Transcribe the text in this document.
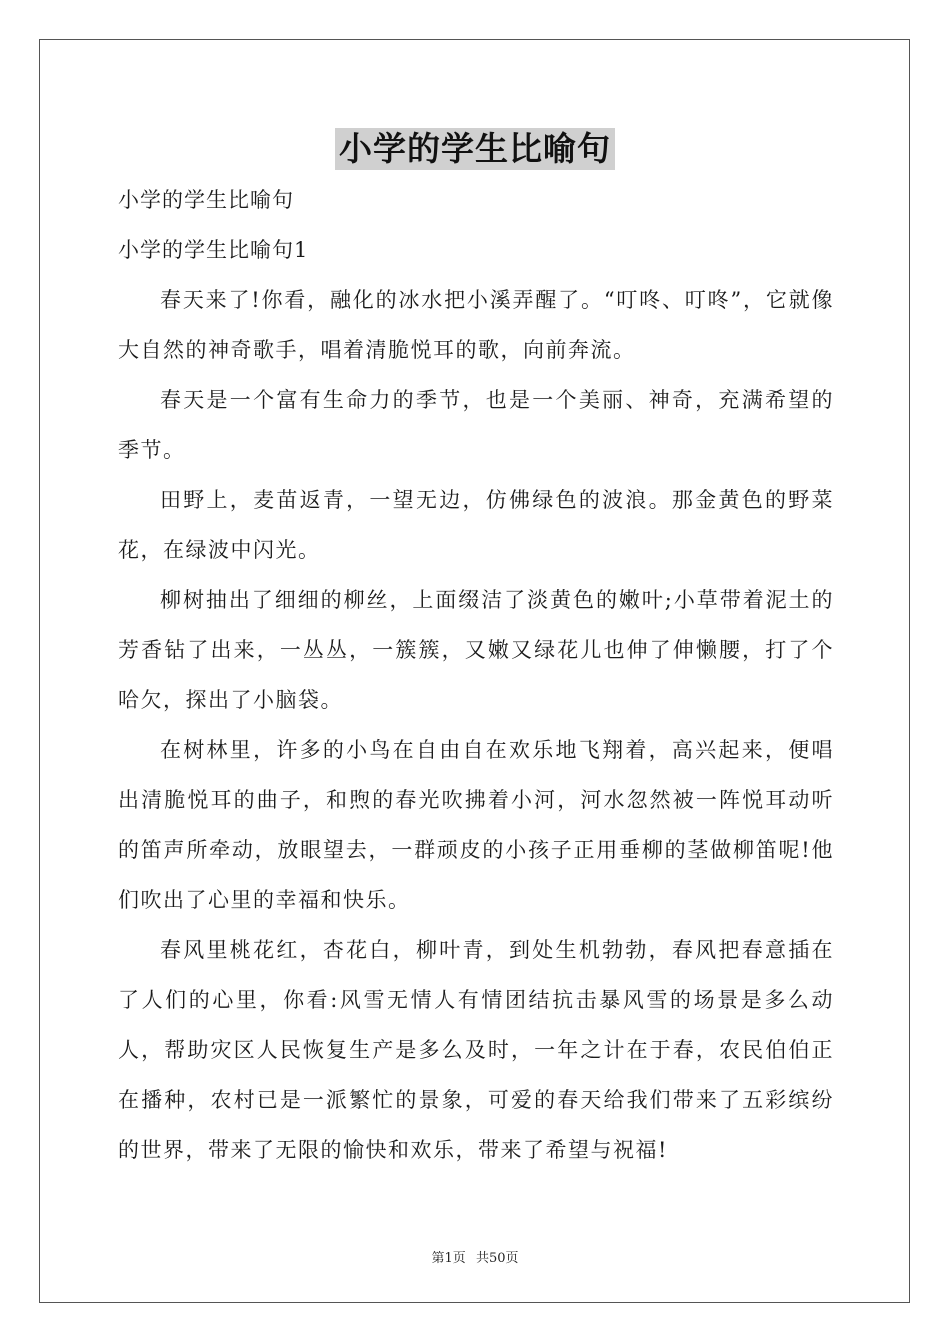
小学的学生比喻句
小学的学生比喻句
小学的学生比喻句1

春天来了!你看，融化的冰水把小溪弄醒了。“叮咚、叮咚”，它就像大自然的神奇歌手，唱着清脆悦耳的歌，向前奔流。

春天是一个富有生命力的季节，也是一个美丽、神奇，充满希望的季节。

田野上，麦苗返青，一望无边，仿佛绿色的波浪。那金黄色的野菜花，在绿波中闪光。

柳树抽出了细细的柳丝，上面缀洁了淡黄色的嫩叶;小草带着泥土的芳香钻了出来，一丛丛，一簇簇，又嫩又绿花儿也伸了伸懒腰，打了个哈欠，探出了小脑袋。

在树林里，许多的小鸟在自由自在欢乐地飞翔着，高兴起来，便唱出清脆悦耳的曲子，和煦的春光吹拂着小河，河水忽然被一阵悦耳动听的笛声所牵动，放眼望去，一群顽皮的小孩子正用垂柳的茎做柳笛呢!他们吹出了心里的幸福和快乐。

春风里桃花红，杏花白，柳叶青，到处生机勃勃，春风把春意插在了人们的心里，你看:风雪无情人有情团结抗击暴风雪的场景是多么动人，帮助灾区人民恢复生产是多么及时，一年之计在于春，农民伯伯正在播种，农村已是一派繁忙的景象，可爱的春天给我们带来了五彩缤纷的世界，带来了无限的愉快和欢乐，带来了希望与祝福!

第1页 共50页
